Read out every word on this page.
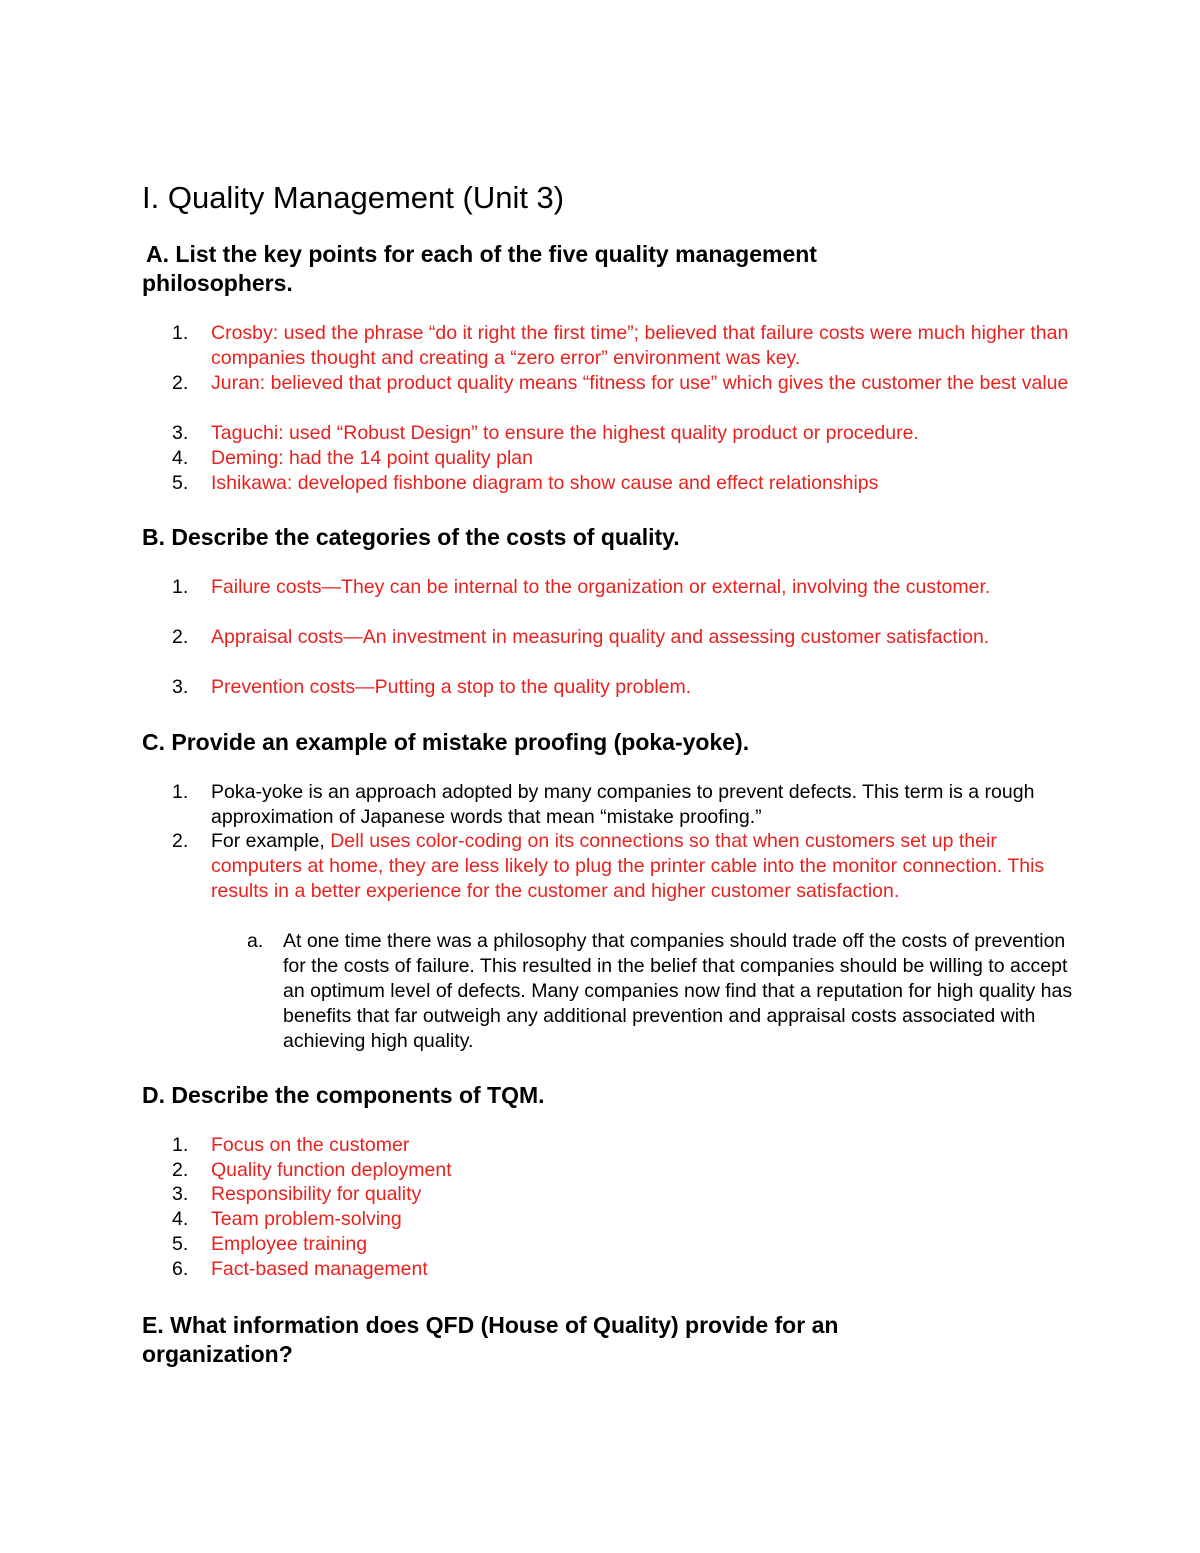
I. Quality Management (Unit 3)
A. List the key points for each of the five quality management philosophers.
1.	Crosby: used the phrase “do it right the first time”; believed that failure costs were much higher than companies thought and creating a “zero error” environment was key.
2.	Juran: believed that product quality means “fitness for use” which gives the customer the best value
3.	Taguchi: used “Robust Design” to ensure the highest quality product or procedure.
4.	Deming: had the 14 point quality plan
5.	Ishikawa: developed fishbone diagram to show cause and effect relationships
B. Describe the categories of the costs of quality.
1.	Failure costs—They can be internal to the organization or external, involving the customer.
2.	Appraisal costs—An investment in measuring quality and assessing customer satisfaction.
3.	Prevention costs—Putting a stop to the quality problem.
C. Provide an example of mistake proofing (poka-yoke).
1.	Poka-yoke is an approach adopted by many companies to prevent defects. This term is a rough approximation of Japanese words that mean “mistake proofing.”
2.	For example, Dell uses color-coding on its connections so that when customers set up their computers at home, they are less likely to plug the printer cable into the monitor connection. This results in a better experience for the customer and higher customer satisfaction.
a.	At one time there was a philosophy that companies should trade off the costs of prevention for the costs of failure. This resulted in the belief that companies should be willing to accept an optimum level of defects. Many companies now find that a reputation for high quality has benefits that far outweigh any additional prevention and appraisal costs associated with achieving high quality.
D. Describe the components of TQM.
1.	Focus on the customer
2.	Quality function deployment
3.	Responsibility for quality
4.	Team problem-solving
5.	Employee training
6.	Fact-based management
E. What information does QFD (House of Quality) provide for an organization?
